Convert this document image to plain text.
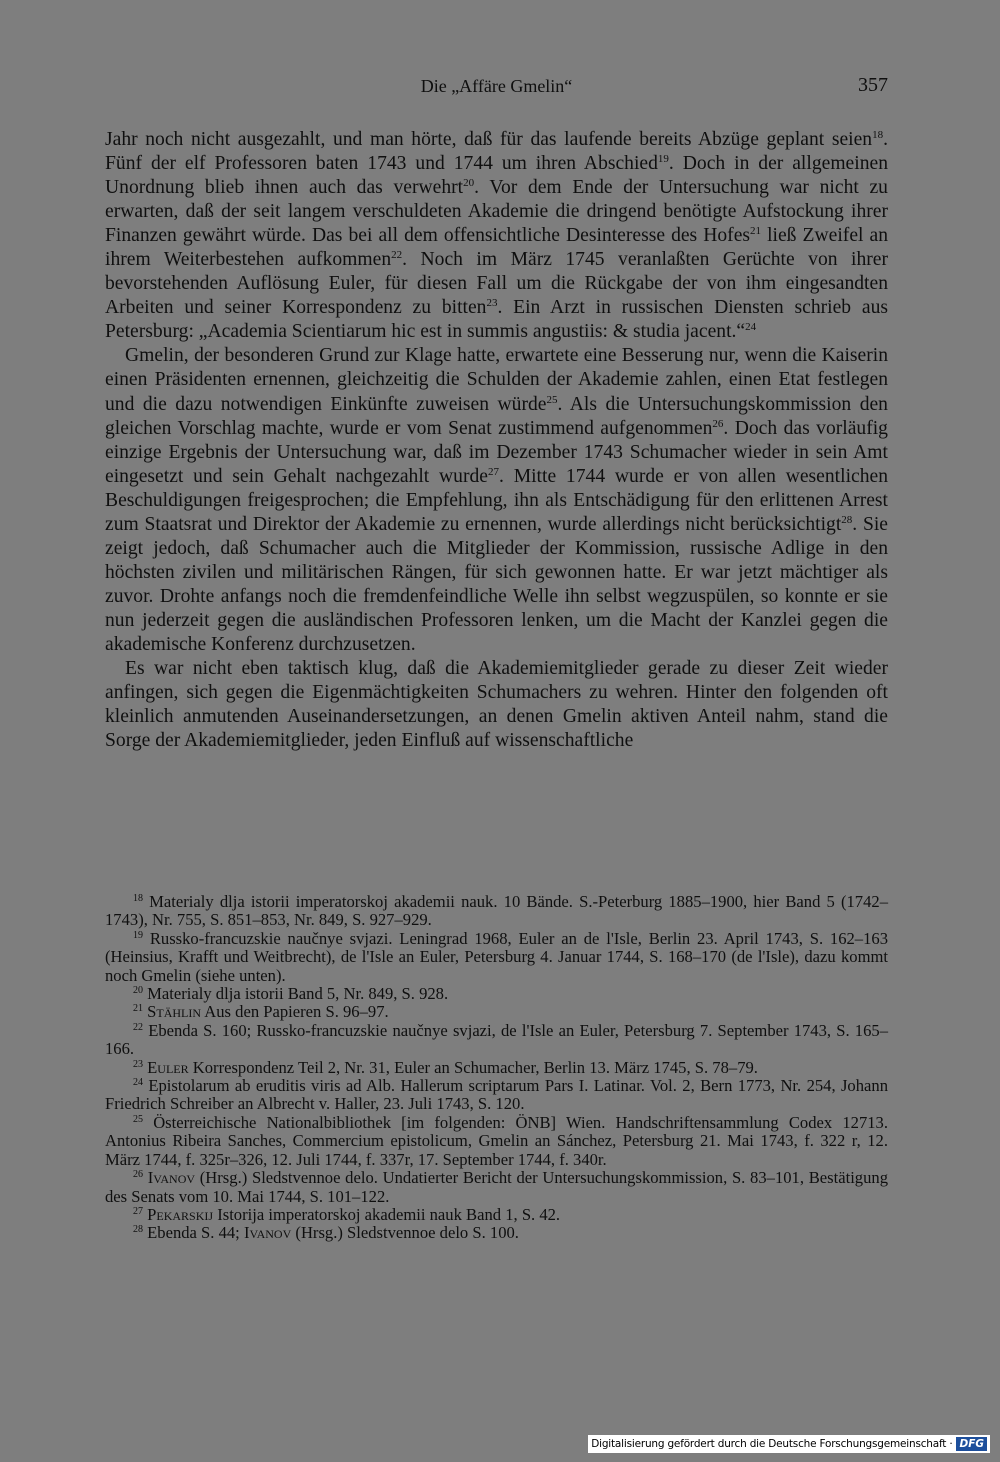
Die „Affäre Gmelin“	357

Jahr noch nicht ausgezahlt, und man hörte, daß für das laufende bereits Abzüge geplant seien$^{18}$. Fünf der elf Professoren baten 1743 und 1744 um ihren Abschied$^{19}$. Doch in der allgemeinen Unordnung blieb ihnen auch das verwehrt$^{20}$. Vor dem Ende der Untersuchung war nicht zu erwarten, daß der seit langem verschuldeten Akademie die dringend benötigte Aufstockung ihrer Finanzen gewährt würde. Das bei all dem offensichtliche Desinteresse des Hofes$^{21}$ ließ Zweifel an ihrem Weiterbestehen aufkommen$^{22}$. Noch im März 1745 veranlaßten Gerüchte von ihrer bevorstehenden Auflösung Euler, für diesen Fall um die Rückgabe der von ihm eingesandten Arbeiten und seiner Korrespondenz zu bitten$^{23}$. Ein Arzt in russischen Diensten schrieb aus Petersburg: „Academia Scientiarum hic est in summis angustiis: & studia jacent.“$^{24}$

Gmelin, der besonderen Grund zur Klage hatte, erwartete eine Besserung nur, wenn die Kaiserin einen Präsidenten ernennen, gleichzeitig die Schulden der Akademie zahlen, einen Etat festlegen und die dazu notwendigen Einkünfte zuweisen würde$^{25}$. Als die Untersuchungskommission den gleichen Vorschlag machte, wurde er vom Senat zustimmend aufgenommen$^{26}$. Doch das vorläufig einzige Ergebnis der Untersuchung war, daß im Dezember 1743 Schumacher wieder in sein Amt eingesetzt und sein Gehalt nachgezahlt wurde$^{27}$. Mitte 1744 wurde er von allen wesentlichen Beschuldigungen freigesprochen; die Empfehlung, ihn als Entschädigung für den erlittenen Arrest zum Staatsrat und Direktor der Akademie zu ernennen, wurde allerdings nicht berücksichtigt$^{28}$. Sie zeigt jedoch, daß Schumacher auch die Mitglieder der Kommission, russische Adlige in den höchsten zivilen und militärischen Rängen, für sich gewonnen hatte. Er war jetzt mächtiger als zuvor. Drohte anfangs noch die fremdenfeindliche Welle ihn selbst wegzuspülen, so konnte er sie nun jederzeit gegen die ausländischen Professoren lenken, um die Macht der Kanzlei gegen die akademische Konferenz durchzusetzen.

Es war nicht eben taktisch klug, daß die Akademiemitglieder gerade zu dieser Zeit wieder anfingen, sich gegen die Eigenmächtigkeiten Schumachers zu wehren. Hinter den folgenden oft kleinlich anmutenden Auseinandersetzungen, an denen Gmelin aktiven Anteil nahm, stand die Sorge der Akademiemitglieder, jeden Einfluß auf wissenschaftliche

$^{18}$ Materialy dlja istorii imperatorskoj akademii nauk. 10 Bände. S.-Peterburg 1885–1900, hier Band 5 (1742–1743), Nr. 755, S. 851–853, Nr. 849, S. 927–929.

$^{19}$ Russko-francuzskie naučnye svjazi. Leningrad 1968, Euler an de l'Isle, Berlin 23. April 1743, S. 162–163 (Heinsius, Krafft und Weitbrecht), de l'Isle an Euler, Petersburg 4. Januar 1744, S. 168–170 (de l'Isle), dazu kommt noch Gmelin (siehe unten).

$^{20}$ Materialy dlja istorii Band 5, Nr. 849, S. 928.

$^{21}$ Stählin Aus den Papieren S. 96–97.

$^{22}$ Ebenda S. 160; Russko-francuzskie naučnye svjazi, de l'Isle an Euler, Petersburg 7. September 1743, S. 165–166.

$^{23}$ Euler Korrespondenz Teil 2, Nr. 31, Euler an Schumacher, Berlin 13. März 1745, S. 78–79.

$^{24}$ Epistolarum ab eruditis viris ad Alb. Hallerum scriptarum Pars I. Latinar. Vol. 2, Bern 1773, Nr. 254, Johann Friedrich Schreiber an Albrecht v. Haller, 23. Juli 1743, S. 120.

$^{25}$ Österreichische Nationalbibliothek [im folgenden: ÖNB] Wien. Handschriftensammlung Codex 12713. Antonius Ribeira Sanches, Commercium epistolicum, Gmelin an Sánchez, Petersburg 21. Mai 1743, f. 322 r, 12. März 1744, f. 325r–326, 12. Juli 1744, f. 337r, 17. September 1744, f. 340r.

$^{26}$ Ivanov (Hrsg.) Sledstvennoe delo. Undatierter Bericht der Untersuchungskommission, S. 83–101, Bestätigung des Senats vom 10. Mai 1744, S. 101–122.

$^{27}$ Pekarskij Istorija imperatorskoj akademii nauk Band 1, S. 42.

$^{28}$ Ebenda S. 44; Ivanov (Hrsg.) Sledstvennoe delo S. 100.

Digitalisierung gefördert durch die Deutsche Forschungsgemeinschaft · DFG
